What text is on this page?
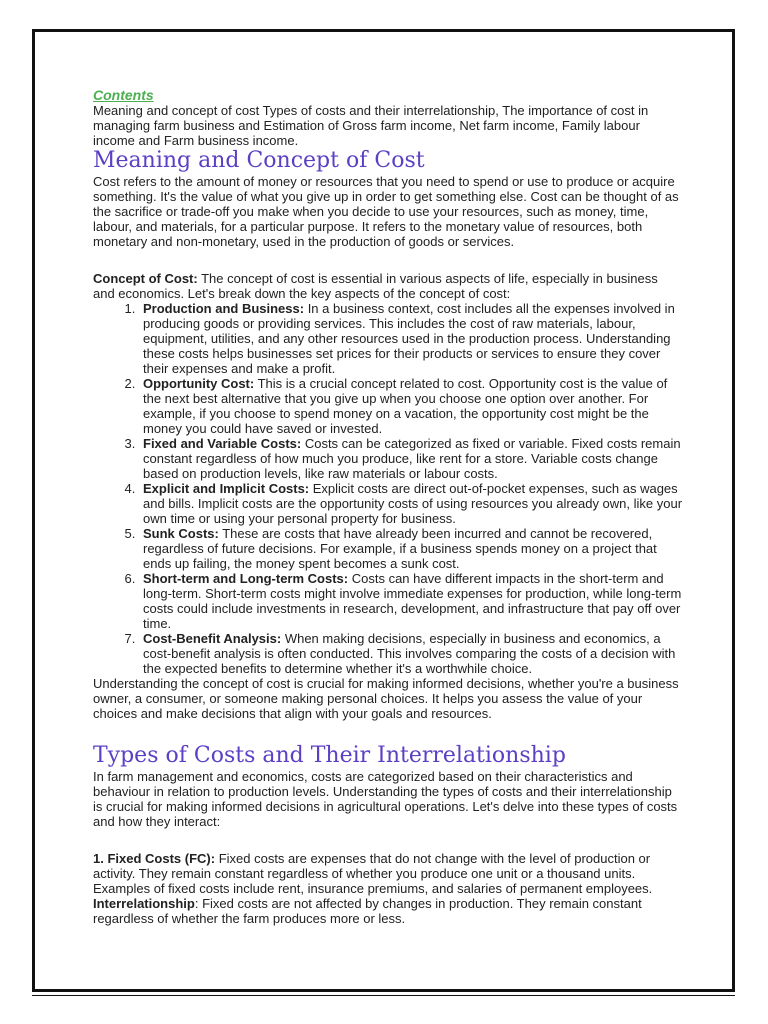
Contents

Meaning and concept of cost Types of costs and their interrelationship, The importance of cost in managing farm business and Estimation of Gross farm income, Net farm income, Family labour income and Farm business income.

Meaning and Concept of Cost

Cost refers to the amount of money or resources that you need to spend or use to produce or acquire something. It's the value of what you give up in order to get something else. Cost can be thought of as the sacrifice or trade-off you make when you decide to use your resources, such as money, time, labour, and materials, for a particular purpose. It refers to the monetary value of resources, both monetary and non-monetary, used in the production of goods or services.

Concept of Cost: The concept of cost is essential in various aspects of life, especially in business and economics. Let's break down the key aspects of the concept of cost:

1. Production and Business: In a business context, cost includes all the expenses involved in producing goods or providing services. This includes the cost of raw materials, labour, equipment, utilities, and any other resources used in the production process. Understanding these costs helps businesses set prices for their products or services to ensure they cover their expenses and make a profit.
2. Opportunity Cost: This is a crucial concept related to cost. Opportunity cost is the value of the next best alternative that you give up when you choose one option over another. For example, if you choose to spend money on a vacation, the opportunity cost might be the money you could have saved or invested.
3. Fixed and Variable Costs: Costs can be categorized as fixed or variable. Fixed costs remain constant regardless of how much you produce, like rent for a store. Variable costs change based on production levels, like raw materials or labour costs.
4. Explicit and Implicit Costs: Explicit costs are direct out-of-pocket expenses, such as wages and bills. Implicit costs are the opportunity costs of using resources you already own, like your own time or using your personal property for business.
5. Sunk Costs: These are costs that have already been incurred and cannot be recovered, regardless of future decisions. For example, if a business spends money on a project that ends up failing, the money spent becomes a sunk cost.
6. Short-term and Long-term Costs: Costs can have different impacts in the short-term and long-term. Short-term costs might involve immediate expenses for production, while long-term costs could include investments in research, development, and infrastructure that pay off over time.
7. Cost-Benefit Analysis: When making decisions, especially in business and economics, a cost-benefit analysis is often conducted. This involves comparing the costs of a decision with the expected benefits to determine whether it's a worthwhile choice.

Understanding the concept of cost is crucial for making informed decisions, whether you're a business owner, a consumer, or someone making personal choices. It helps you assess the value of your choices and make decisions that align with your goals and resources.

Types of Costs and Their Interrelationship

In farm management and economics, costs are categorized based on their characteristics and behaviour in relation to production levels. Understanding the types of costs and their interrelationship is crucial for making informed decisions in agricultural operations. Let's delve into these types of costs and how they interact:

1. Fixed Costs (FC): Fixed costs are expenses that do not change with the level of production or activity. They remain constant regardless of whether you produce one unit or a thousand units. Examples of fixed costs include rent, insurance premiums, and salaries of permanent employees.

Interrelationship: Fixed costs are not affected by changes in production. They remain constant regardless of whether the farm produces more or less.
